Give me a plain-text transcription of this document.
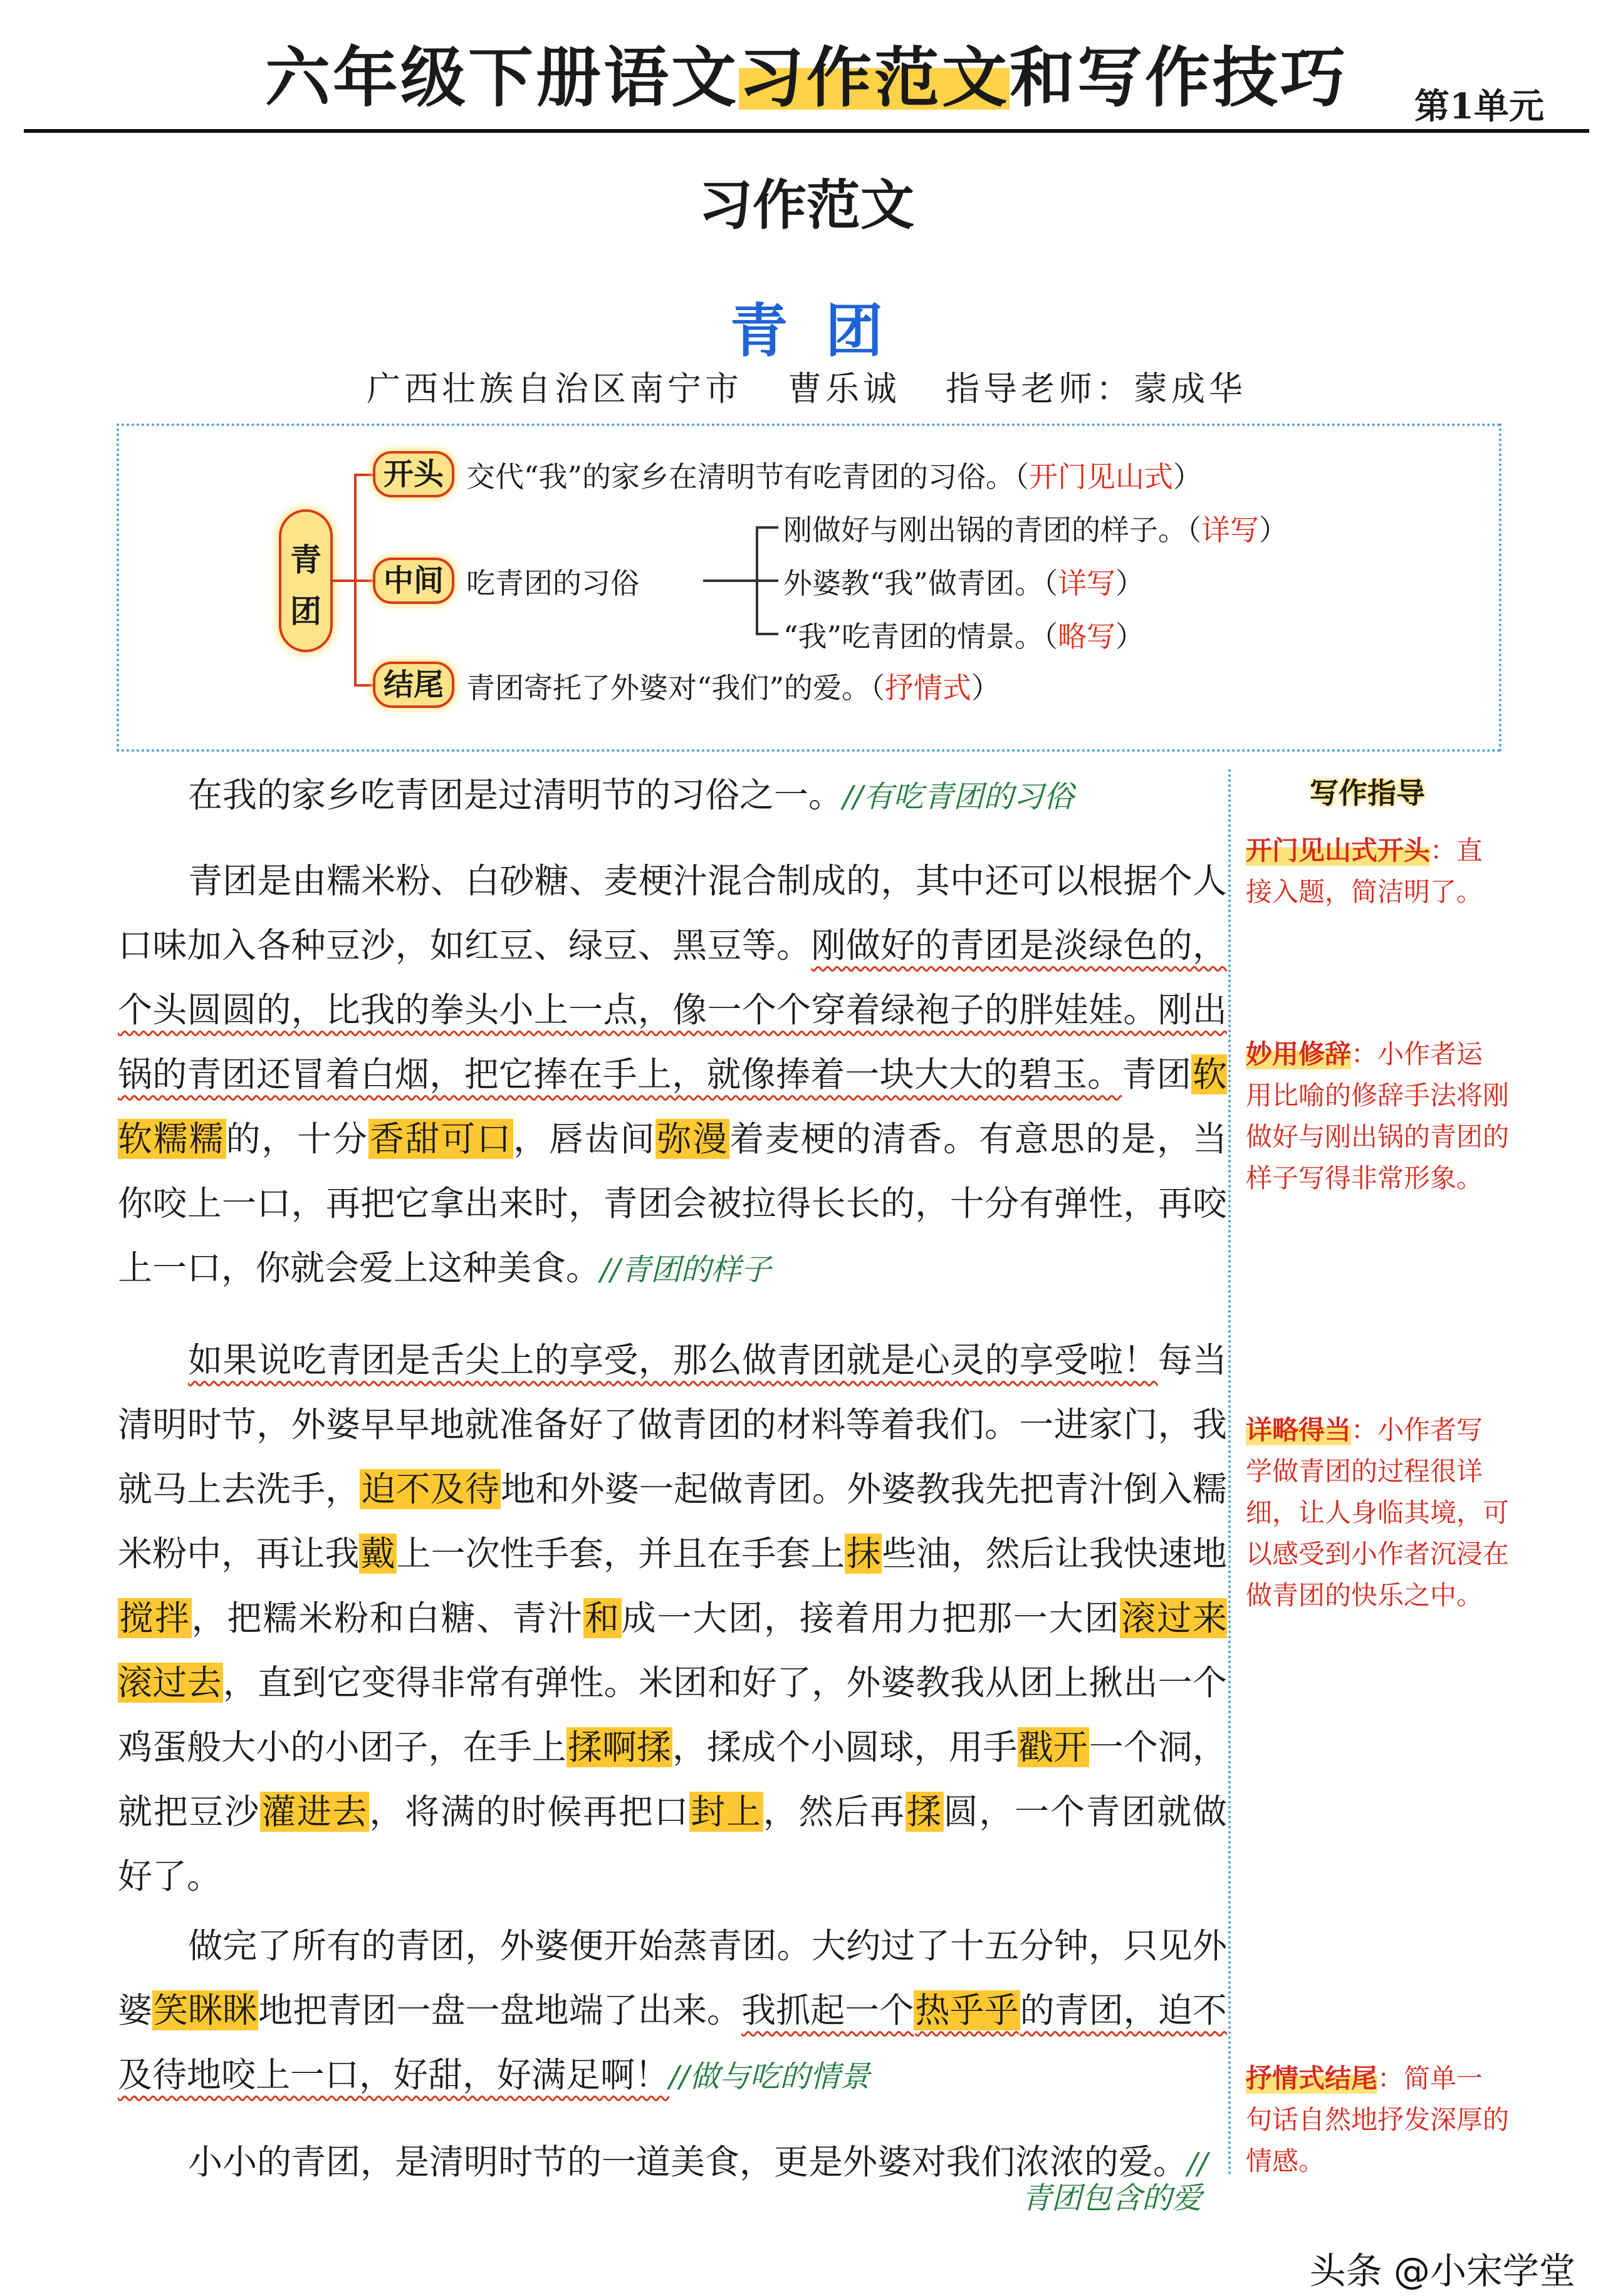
六年级下册语文习作范文和写作技巧	第1单元
习作范文
青团
广西壮族自治区南宁市 曹乐诚 指导老师：蒙成华
青团
开头 交代“我”的家乡在清明节有吃青团的习俗。（开门见山式）
中间 吃青团的习俗
刚做好与刚出锅的青团的样子。（详写）
外婆教“我”做青团。（详写）
“我”吃青团的情景。（略写）
结尾 青团寄托了外婆对“我们”的爱。（抒情式）

在我的家乡吃青团是过清明节的习俗之一。//有吃青团的习俗

青团是由糯米粉、白砂糖、麦梗汁混合制成的，其中还可以根据个人口味加入各种豆沙，如红豆、绿豆、黑豆等。刚做好的青团是淡绿色的，个头圆圆的，比我的拳头小上一点，像一个个穿着绿袍子的胖娃娃。刚出锅的青团还冒着白烟，把它捧在手上，就像捧着一块大大的碧玉。青团软软糯糯的，十分香甜可口，唇齿间弥漫着麦梗的清香。有意思的是，当你咬上一口，再把它拿出来时，青团会被拉得长长的，十分有弹性，再咬上一口，你就会爱上这种美食。//青团的样子

如果说吃青团是舌尖上的享受，那么做青团就是心灵的享受啦！每当清明时节，外婆早早地就准备好了做青团的材料等着我们。一进家门，我就马上去洗手，迫不及待地和外婆一起做青团。外婆教我先把青汁倒入糯米粉中，再让我戴上一次性手套，并且在手套上抹些油，然后让我快速地搅拌，把糯米粉和白糖、青汁和成一大团，接着用力把那一大团滚过来滚过去，直到它变得非常有弹性。米团和好了，外婆教我从团上揪出一个鸡蛋般大小的小团子，在手上揉啊揉，揉成个小圆球，用手戳开一个洞，就把豆沙灌进去，将满的时候再把口封上，然后再揉圆，一个青团就做好了。

做完了所有的青团，外婆便开始蒸青团。大约过了十五分钟，只见外婆笑眯眯地把青团一盘一盘地端了出来。我抓起一个热乎乎的青团，迫不及待地咬上一口，好甜，好满足啊！//做与吃的情景

小小的青团，是清明时节的一道美食，更是外婆对我们浓浓的爱。//

青团包含的爱
写作指导
开门见山式开头：直接入题，简洁明了。
妙用修辞：小作者运用比喻的修辞手法将刚做好与刚出锅的青团的样子写得非常形象。
详略得当：小作者写学做青团的过程很详细，让人身临其境，可以感受到小作者沉浸在做青团的快乐之中。
抒情式结尾：简单一句话自然地抒发深厚的情感。
头条 @小宋学堂
